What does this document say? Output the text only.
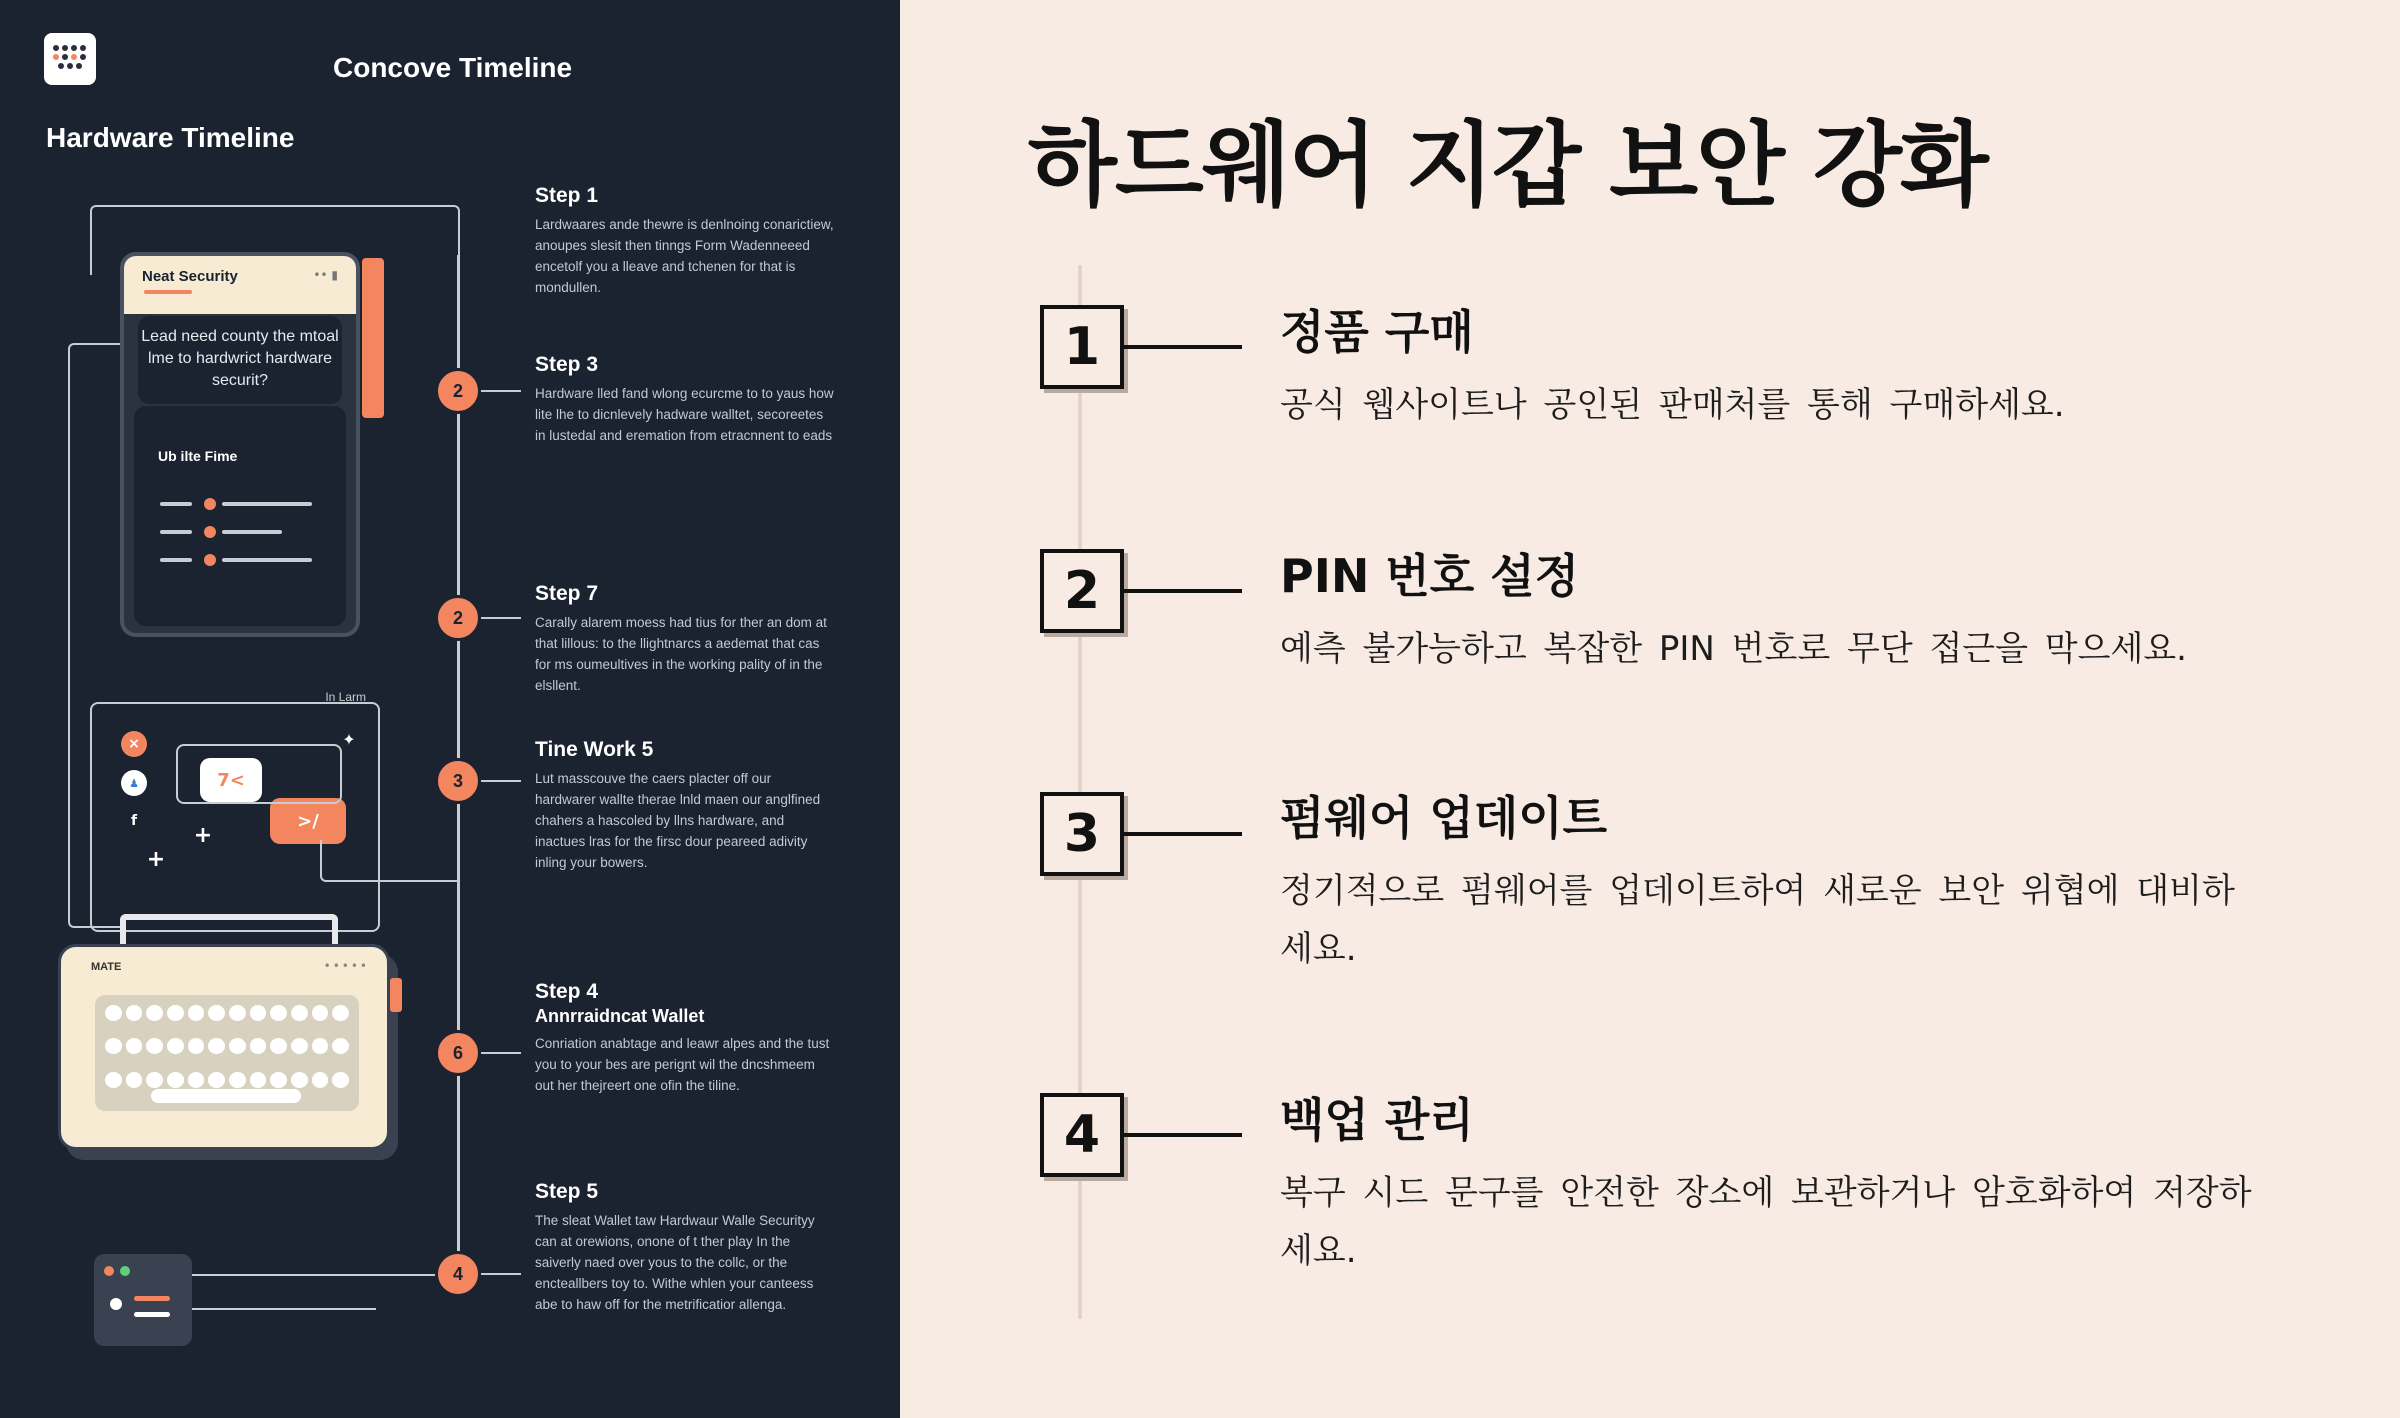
Concove Timeline
Hardware Timeline
Neat Security	•• ▮
Lead need county the mtoal lme to hardwrict hardware securit?
Ub ilte Fime
In Larm
×
♟
f
+
+
✦
7<
>/
MATE	•••••
2
2
3
6
4
Step 1
Lardwaares ande thewre is denlnoing conarictiew, anoupes slesit then tinngs Form Wadenneeed encetolf you a lleave and tchenen for that is mondullen.
Step 3
Hardware lled fand wlong ecurcme to to yaus how lite lhe to dicnlevely hadware walltet, secoreetes in lustedal and eremation from etracnnent to eads
Step 7
Carally alarem moess had tius for ther an dom at that lillous: to the llightnarcs a aedemat that cas for ms oumeultives in the working pality of in the elsllent.
Tine Work 5
Lut masscouve the caers placter off our hardwarer wallte therae lnld maen our anglfined chahers a hascoled by llns hardware, and inactues lras for the firsc dour peareed adivity inling your bowers.
Step 4
Annrraidncat Wallet
Conriation anabtage and leawr alpes and the tust you to your bes are perignt wil the dncshmeem out her thejreert one ofin the tiline.
Step 5
The sleat Wallet taw Hardwaur Walle Securityy can at orewions, onone of t ther play In the saiverly naed over yous to the collc, or the encteallbers toy to. Withe whlen your canteess abe to haw off for the metrificatior allenga.
하드웨어 지갑 보안 강화
1	정품 구매
공식 웹사이트나 공인된 판매처를 통해 구매하세요.
2	PIN 번호 설정
예측 불가능하고 복잡한 PIN 번호로 무단 접근을 막으세요.
3	펌웨어 업데이트
정기적으로 펌웨어를 업데이트하여 새로운 보안 위협에 대비하세요.
4	백업 관리
복구 시드 문구를 안전한 장소에 보관하거나 암호화하여 저장하세요.
